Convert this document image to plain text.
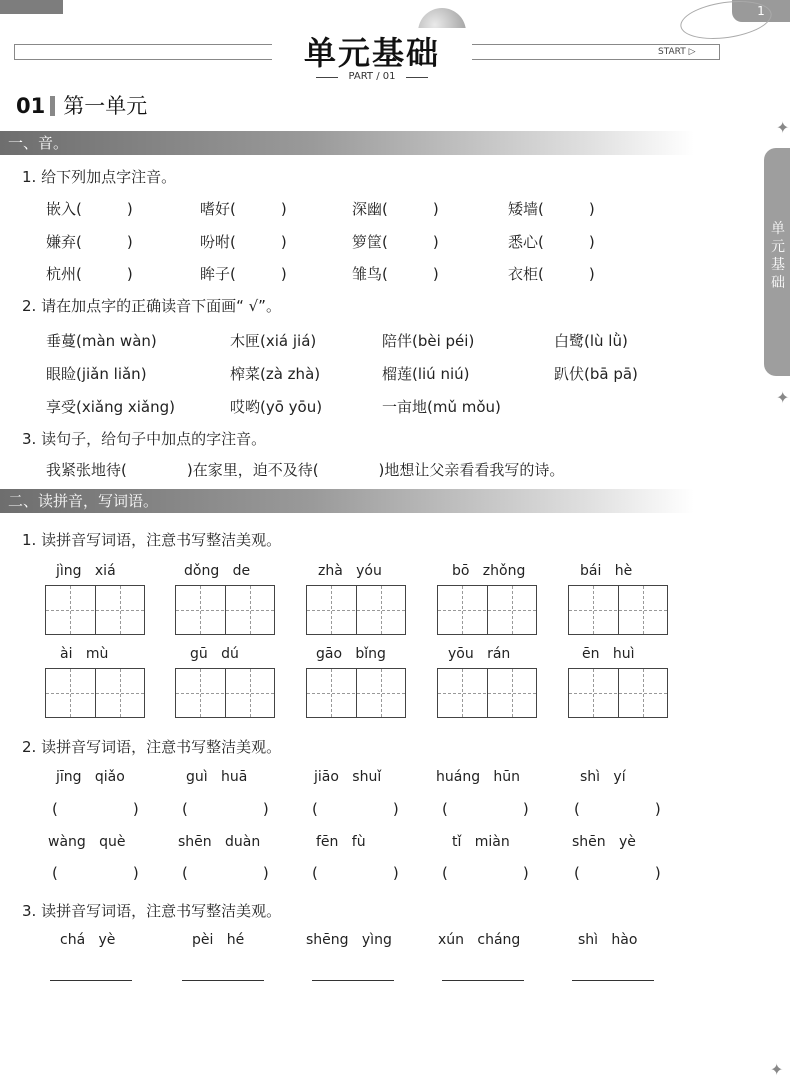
1
单元基础
PART / 01
START ▷
✦
单元基础
✦
✦
01 第一单元
一、音。
1. 给下列加点字注音。
嵌入(　　　)	嗜好(　　　)	深幽(　　　)	矮墙(　　　)
嫌弃(　　　)	吩咐(　　　)	箩筐(　　　)	悉心(　　　)
杭州(　　　)	眸子(　　　)	雏鸟(　　　)	衣柜(　　　)
2. 请在加点字的正确读音下面画“ √”。
垂蔓(màn wàn)	木匣(xiá jiá)	陪伴(bèi péi)	白鹭(lù lǜ)
眼睑(jiǎn liǎn)	榨菜(zà zhà)	榴莲(liú niú)	趴伏(bā pā)
享受(xiǎng xiǎng)	哎哟(yō yōu)	一亩地(mǔ mǒu)
3. 读句子，给句子中加点的字注音。
我紧张地待(　　　　)在家里，迫不及待(　　　　)地想让父亲看看我写的诗。
二、读拼音，写词语。
1. 读拼音写词语，注意书写整洁美观。
jìng   xiá	dǒng   de	zhà   yóu	bō   zhǒng	bái   hè
ài   mù	gū   dú	gāo   bǐng	yōu   rán	ēn   huì
2. 读拼音写词语，注意书写整洁美观。
jīng   qiǎo	guì   huā	jiāo   shuǐ	huáng   hūn	shì   yí
(　　　　　)	(　　　　　)	(　　　　　)	(　　　　　)	(　　　　　)
wàng   què	shēn   duàn	fēn   fù	tǐ   miàn	shēn   yè
(　　　　　)	(　　　　　)	(　　　　　)	(　　　　　)	(　　　　　)
3. 读拼音写词语，注意书写整洁美观。
chá   yè	pèi   hé	shēng   yìng	xún   cháng	shì   hào
